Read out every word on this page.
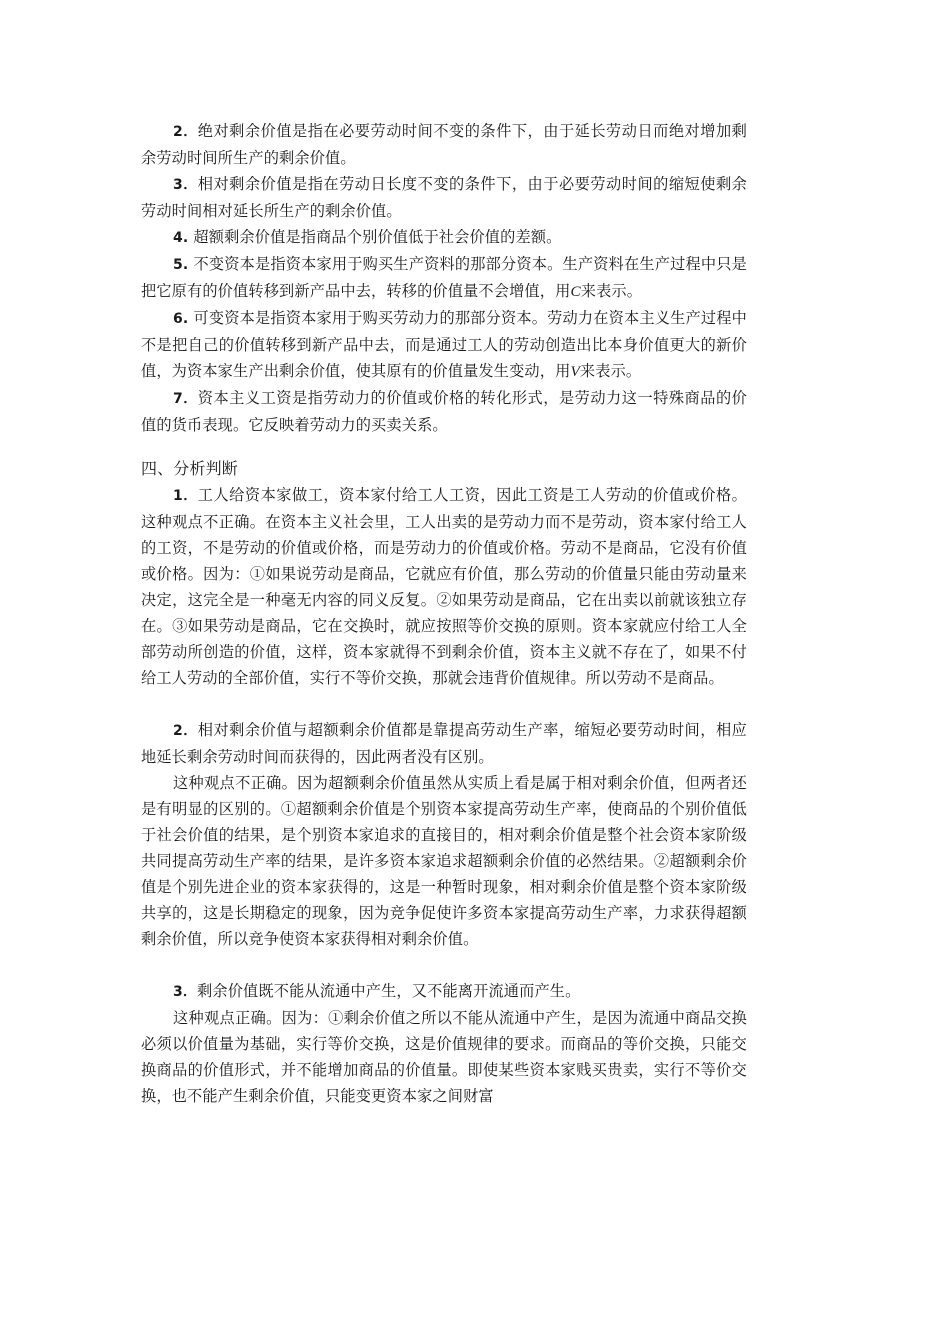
2．绝对剩余价值是指在必要劳动时间不变的条件下，由于延长劳动日而绝对增加剩余劳动时间所生产的剩余价值。

3．相对剩余价值是指在劳动日长度不变的条件下，由于必要劳动时间的缩短使剩余劳动时间相对延长所生产的剩余价值。

4. 超额剩余价值是指商品个别价值低于社会价值的差额。

5. 不变资本是指资本家用于购买生产资料的那部分资本。生产资料在生产过程中只是把它原有的价值转移到新产品中去，转移的价值量不会增值，用C来表示。

6. 可变资本是指资本家用于购买劳动力的那部分资本。劳动力在资本主义生产过程中不是把自己的价值转移到新产品中去，而是通过工人的劳动创造出比本身价值更大的新价值，为资本家生产出剩余价值，使其原有的价值量发生变动，用V来表示。

7．资本主义工资是指劳动力的价值或价格的转化形式，是劳动力这一特殊商品的价值的货币表现。它反映着劳动力的买卖关系。

四、分析判断

1．工人给资本家做工，资本家付给工人工资，因此工资是工人劳动的价值或价格。这种观点不正确。在资本主义社会里，工人出卖的是劳动力而不是劳动，资本家付给工人的工资，不是劳动的价值或价格，而是劳动力的价值或价格。劳动不是商品，它没有价值或价格。因为：①如果说劳动是商品，它就应有价值，那么劳动的价值量只能由劳动量来决定，这完全是一种毫无内容的同义反复。②如果劳动是商品，它在出卖以前就该独立存在。③如果劳动是商品，它在交换时，就应按照等价交换的原则。资本家就应付给工人全部劳动所创造的价值，这样，资本家就得不到剩余价值，资本主义就不存在了，如果不付给工人劳动的全部价值，实行不等价交换，那就会违背价值规律。所以劳动不是商品。

2．相对剩余价值与超额剩余价值都是靠提高劳动生产率，缩短必要劳动时间，相应地延长剩余劳动时间而获得的，因此两者没有区别。

这种观点不正确。因为超额剩余价值虽然从实质上看是属于相对剩余价值，但两者还是有明显的区别的。①超额剩余价值是个别资本家提高劳动生产率，使商品的个别价值低于社会价值的结果，是个别资本家追求的直接目的，相对剩余价值是整个社会资本家阶级共同提高劳动生产率的结果，是许多资本家追求超额剩余价值的必然结果。②超额剩余价值是个别先进企业的资本家获得的，这是一种暂时现象，相对剩余价值是整个资本家阶级共享的，这是长期稳定的现象，因为竞争促使许多资本家提高劳动生产率，力求获得超额剩余价值，所以竞争使资本家获得相对剩余价值。

3．剩余价值既不能从流通中产生，又不能离开流通而产生。

这种观点正确。因为：①剩余价值之所以不能从流通中产生，是因为流通中商品交换必须以价值量为基础，实行等价交换，这是价值规律的要求。而商品的等价交换，只能交换商品的价值形式，并不能增加商品的价值量。即使某些资本家贱买贵卖，实行不等价交换，也不能产生剩余价值，只能变更资本家之间财富
